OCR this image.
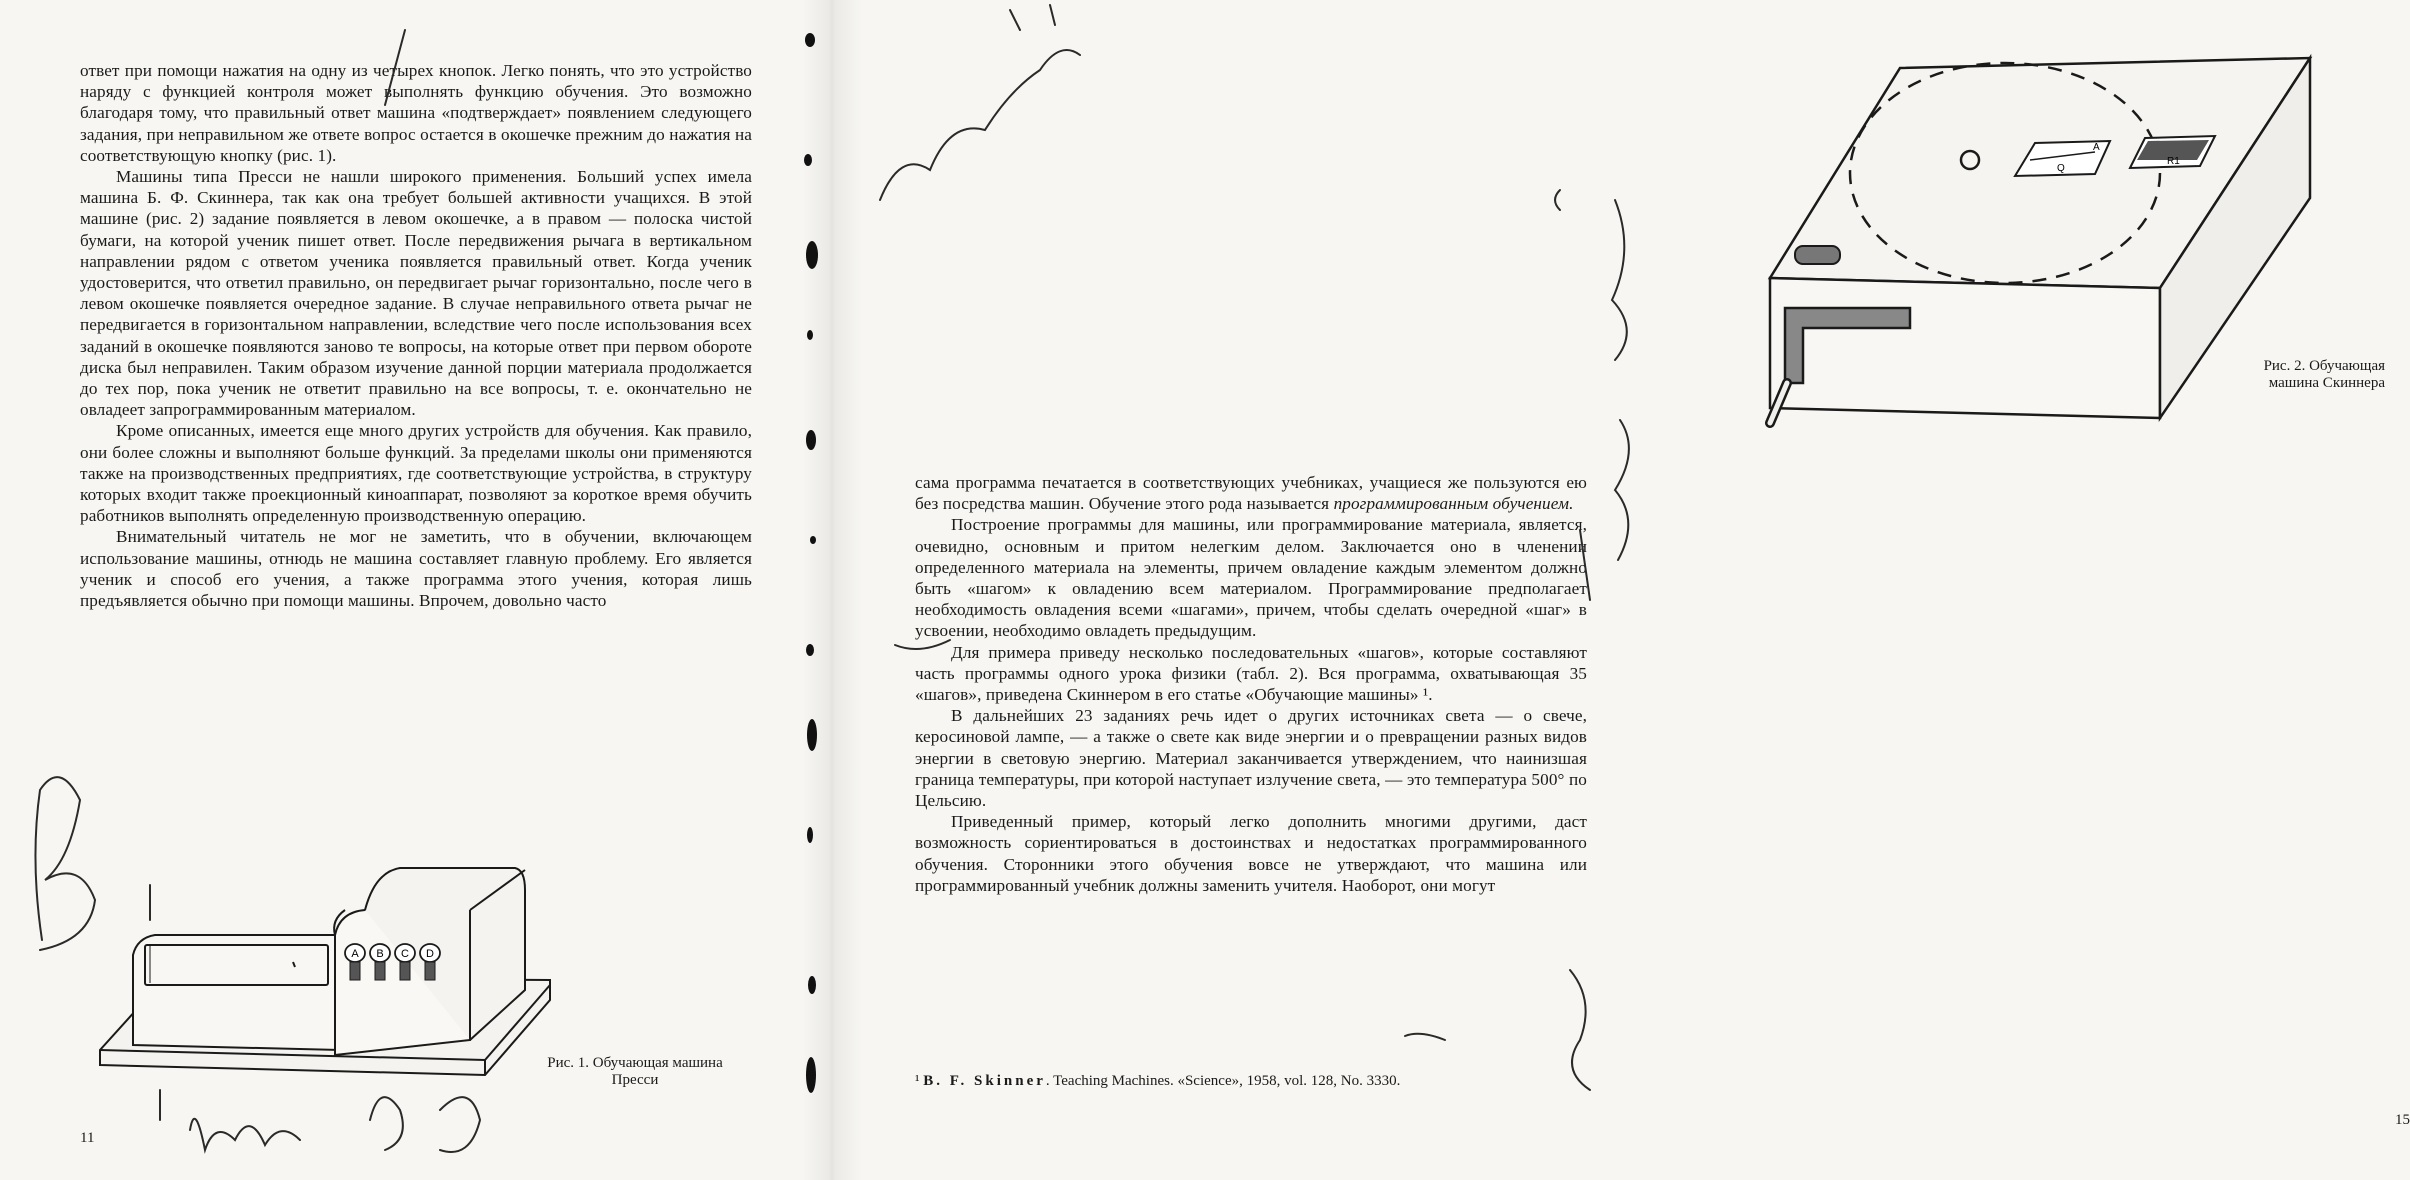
ответ при помощи нажатия на одну из четырех кнопок. Легко понять, что это устройство наряду с функцией контроля может выполнять функцию обучения. Это возможно благодаря тому, что правильный ответ машина «подтверждает» появлением следующего задания, при неправильном же ответе вопрос остается в окошечке прежним до нажатия на соответствующую кнопку (рис. 1).

Машины типа Пресси не нашли широкого применения. Больший успех имела машина Б. Ф. Скиннера, так как она требует большей активности учащихся. В этой машине (рис. 2) задание появляется в левом окошечке, а в правом — полоска чистой бумаги, на которой ученик пишет ответ. После передвижения рычага в вертикальном направлении рядом с ответом ученика появляется правильный ответ. Когда ученик удостоверится, что ответил правильно, он передвигает рычаг горизонтально, после чего в левом окошечке появляется очередное задание. В случае неправильного ответа рычаг не передвигается в горизонтальном направлении, вследствие чего после использования всех заданий в окошечке появляются заново те вопросы, на которые ответ при первом обороте диска был неправилен. Таким образом изучение данной порции материала продолжается до тех пор, пока ученик не ответит правильно на все вопросы, т. е. окончательно не овладеет запрограммированным материалом.

Кроме описанных, имеется еще много других устройств для обучения. Как правило, они более сложны и выполняют больше функций. За пределами школы они применяются также на производственных предприятиях, где соответствующие устройства, в структуру которых входит также проекционный киноаппарат, позволяют за короткое время обучить работников выполнять определенную производственную операцию.

Внимательный читатель не мог не заметить, что в обучении, включающем использование машины, отнюдь не машина составляет главную проблему. Его является ученик и способ его учения, а также программа этого учения, которая лишь предъявляется обычно при помощи машины. Впрочем, довольно часто

A B C D
Рис. 1. Обучающая машина Пресси
11
Q
A
R1
Рис. 2. Обучающая машина Скиннера
15

сама программа печатается в соответствующих учебниках, учащиеся же пользуются ею без посредства машин. Обучение этого рода называется программированным обучением.

Построение программы для машины, или программирование материала, является, очевидно, основным и притом нелегким делом. Заключается оно в членении определенного материала на элементы, причем овладение каждым элементом должно быть «шагом» к овладению всем материалом. Программирование предполагает необходимость овладения всеми «шагами», причем, чтобы сделать очередной «шаг» в усвоении, необходимо овладеть предыдущим.

Для примера приведу несколько последовательных «шагов», которые составляют часть программы одного урока физики (табл. 2). Вся программа, охватывающая 35 «шагов», приведена Скиннером в его статье «Обучающие машины» ¹.

В дальнейших 23 заданиях речь идет о других источниках света — о свече, керосиновой лампе, — а также о свете как виде энергии и о превращении разных видов энергии в световую энергию. Материал заканчивается утверждением, что наинизшая граница температуры, при которой наступает излучение света, — это температура 500° по Цельсию.

Приведенный пример, который легко дополнить многими другими, даст возможность сориентироваться в достоинствах и недостатках программированного обучения. Сторонники этого обучения вовсе не утверждают, что машина или программированный учебник должны заменить учителя. Наоборот, они могут

¹ B. F. Skinner. Teaching Machines. «Science», 1958, vol. 128, No. 3330.
